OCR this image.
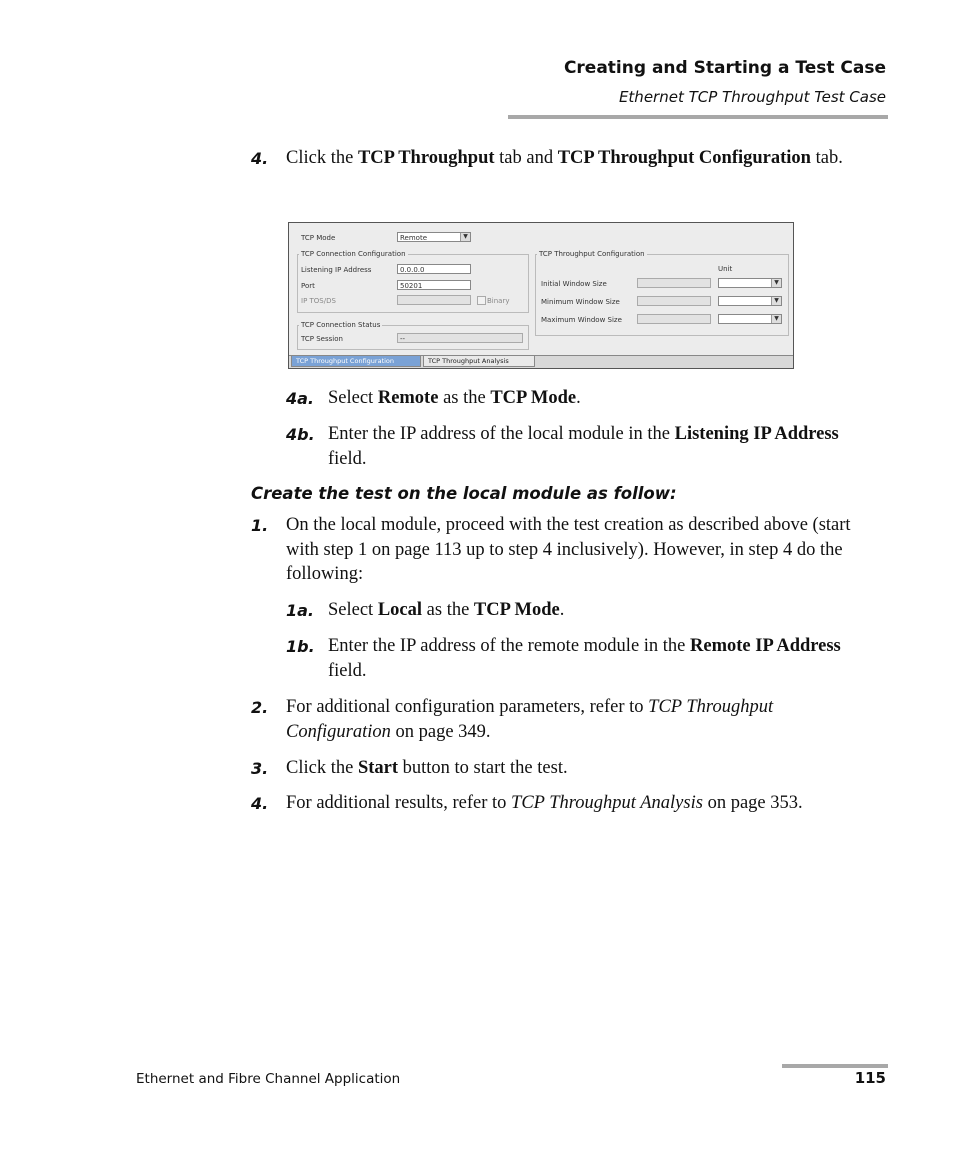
Creating and Starting a Test Case
Ethernet TCP Throughput Test Case
4. Click the TCP Throughput tab and TCP Throughput Configuration tab.
TCP Mode	Remote	▼
TCP Connection Configuration
Listening IP Address	0.0.0.0
Port	50201
IP TOS/DS	Binary
TCP Connection Status
TCP Session	--
TCP Throughput Configuration
Unit
Initial Window Size	▼
Minimum Window Size	▼
Maximum Window Size	▼
TCP Throughput Configuration	TCP Throughput Analysis
4a. Select Remote as the TCP Mode.
4b. Enter the IP address of the local module in the Listening IP Address field.
Create the test on the local module as follow:
1. On the local module, proceed with the test creation as described above (start with step 1 on page 113 up to step 4 inclusively). However, in step 4 do the following:
1a. Select Local as the TCP Mode.
1b. Enter the IP address of the remote module in the Remote IP Address field.
2. For additional configuration parameters, refer to TCP Throughput Configuration on page 349.
3. Click the Start button to start the test.
4. For additional results, refer to TCP Throughput Analysis on page 353.
Ethernet and Fibre Channel Application	115
